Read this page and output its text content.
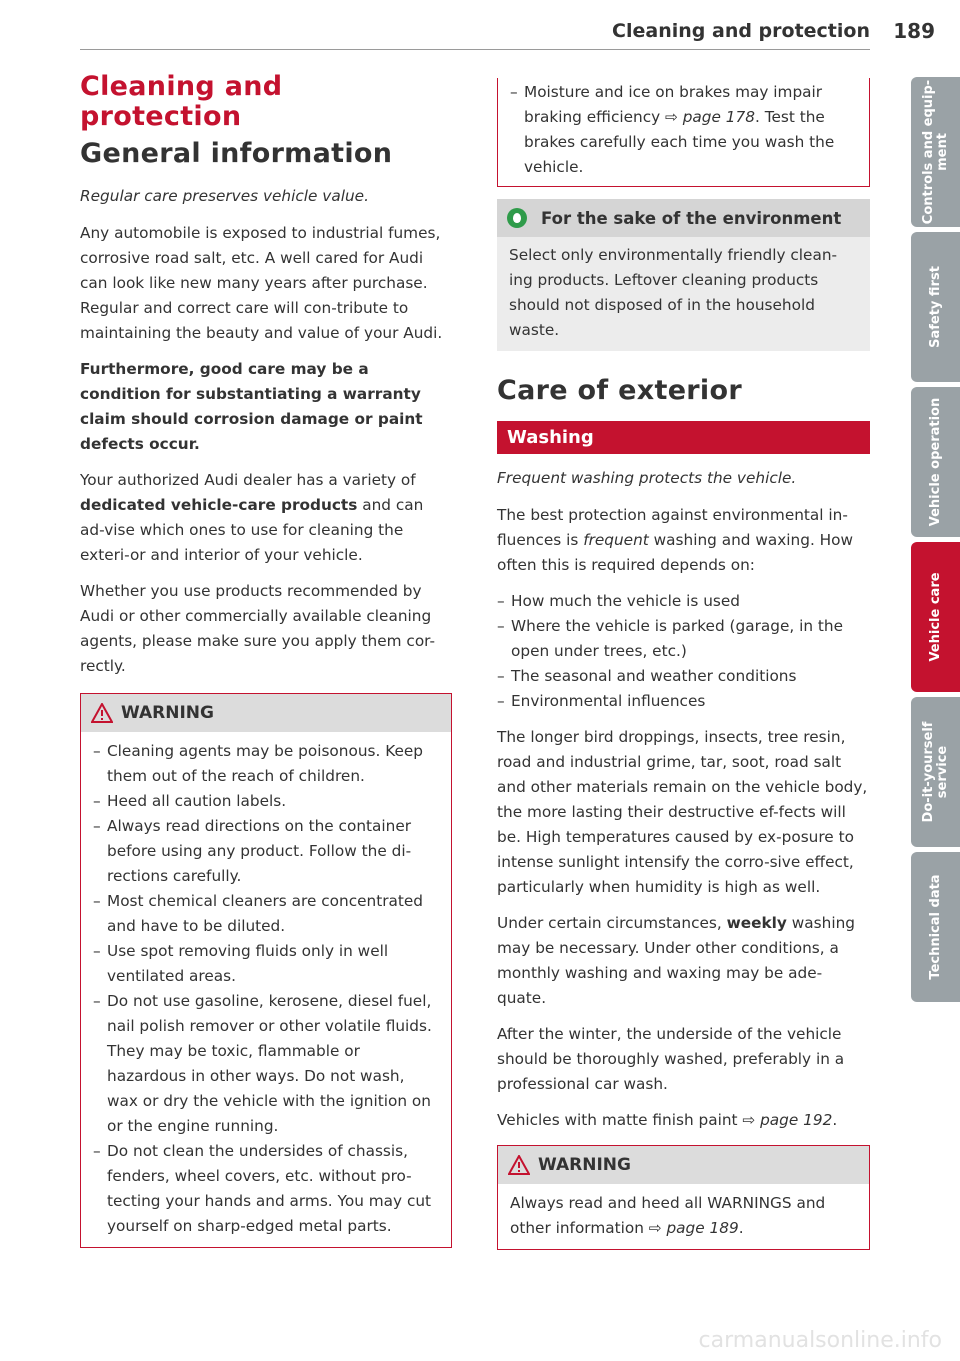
Cleaning and protection 189
Cleaning and
protection
General information

Regular care preserves vehicle value.

Any automobile is exposed to industrial fumes, corrosive road salt, etc. A well cared for Audi can look like new many years after purchase. Regular and correct care will con-tribute to maintaining the beauty and value of your Audi.

Furthermore, good care may be a condition for substantiating a warranty claim should corrosion damage or paint defects occur.

Your authorized Audi dealer has a variety of dedicated vehicle-care products and can ad-vise which ones to use for cleaning the exteri-or and interior of your vehicle.

Whether you use products recommended by Audi or other commercially available cleaning agents, please make sure you apply them cor-rectly.

WARNING
– Cleaning agents may be poisonous. Keep them out of the reach of children.
– Heed all caution labels.
– Always read directions on the container before using any product. Follow the di-rections carefully.
– Most chemical cleaners are concentrated and have to be diluted.
– Use spot removing fluids only in well ventilated areas.
– Do not use gasoline, kerosene, diesel fuel, nail polish remover or other volatile fluids. They may be toxic, flammable or hazardous in other ways. Do not wash, wax or dry the vehicle with the ignition on or the engine running.
– Do not clean the undersides of chassis, fenders, wheel covers, etc. without pro-tecting your hands and arms. You may cut yourself on sharp-edged metal parts.
– Moisture and ice on brakes may impair braking efficiency ⇨ page 178. Test the brakes carefully each time you wash the vehicle.
For the sake of the environment
Select only environmentally friendly clean-ing products. Leftover cleaning products should not disposed of in the household waste.
Care of exterior
Washing

Frequent washing protects the vehicle.

The best protection against environmental in-fluences is frequent washing and waxing. How often this is required depends on:

– How much the vehicle is used
– Where the vehicle is parked (garage, in the open under trees, etc.)
– The seasonal and weather conditions
– Environmental influences

The longer bird droppings, insects, tree resin, road and industrial grime, tar, soot, road salt and other materials remain on the vehicle body, the more lasting their destructive ef-fects will be. High temperatures caused by ex-posure to intense sunlight intensify the corro-sive effect, particularly when humidity is high as well.

Under certain circumstances, weekly washing may be necessary. Under other conditions, a monthly washing and waxing may be ade-quate.

After the winter, the underside of the vehicle should be thoroughly washed, preferably in a professional car wash.

Vehicles with matte finish paint ⇨ page 192.

WARNING
Always read and heed all WARNINGS and other information ⇨ page 189.
Controls and equip- ment
Safety first
Vehicle operation
Vehicle care
Do-it-yourself service
Technical data
carmanualsonline.info
